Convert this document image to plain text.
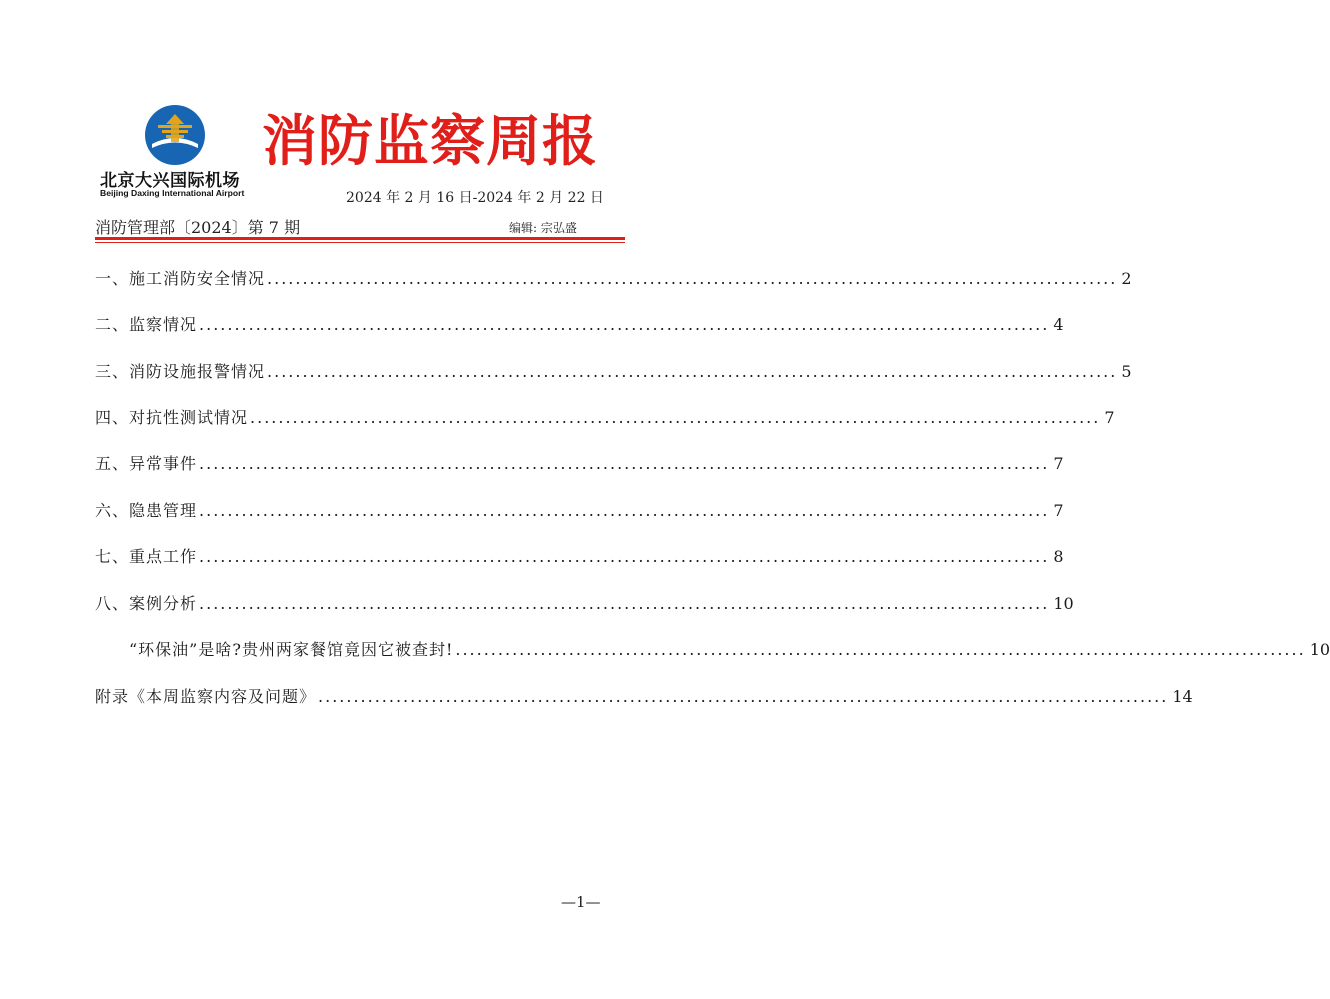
北京大兴国际机场
Beijing Daxing International Airport
消防监察周报
2024 年 2 月 16 日-2024 年 2 月 22 日
消防管理部〔2024〕第 7 期	编辑: 宗弘盛
一、施工消防安全情况 ........................................................................................................................ 2
二、监察情况 ........................................................................................................................ 4
三、消防设施报警情况 ........................................................................................................................ 5
四、对抗性测试情况 ........................................................................................................................ 7
五、异常事件 ........................................................................................................................ 7
六、隐患管理 ........................................................................................................................ 7
七、重点工作 ........................................................................................................................ 8
八、案例分析 ........................................................................................................................ 10
“环保油”是啥?贵州两家餐馆竟因它被查封! ........................................................................................................................ 10
附录《本周监察内容及问题》 ........................................................................................................................ 14
—1—
